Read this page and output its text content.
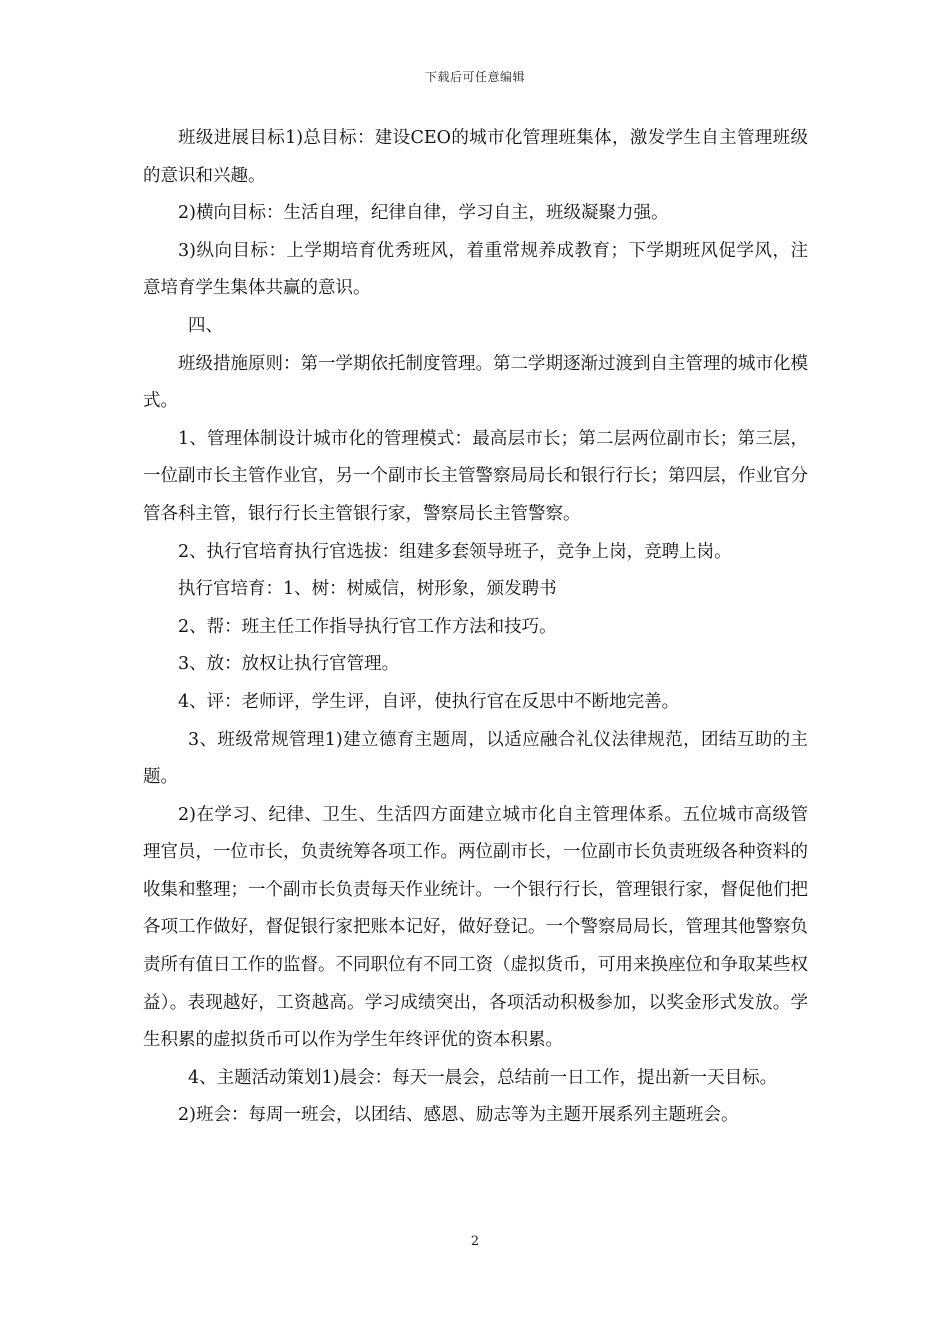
下载后可任意编辑

班级进展目标1)总目标：建设CEO的城市化管理班集体，激发学生自主管理班级的意识和兴趣。

2)横向目标：生活自理，纪律自律，学习自主，班级凝聚力强。

3)纵向目标：上学期培育优秀班风，着重常规养成教育；下学期班风促学风，注意培育学生集体共赢的意识。

四、

班级措施原则：第一学期依托制度管理。第二学期逐渐过渡到自主管理的城市化模式。

1、管理体制设计城市化的管理模式：最高层市长；第二层两位副市长；第三层，一位副市长主管作业官，另一个副市长主管警察局局长和银行行长；第四层，作业官分管各科主管，银行行长主管银行家，警察局长主管警察。

2、执行官培育执行官选拔：组建多套领导班子，竞争上岗，竞聘上岗。

执行官培育：1、树：树威信，树形象，颁发聘书

2、帮：班主任工作指导执行官工作方法和技巧。

3、放：放权让执行官管理。

4、评：老师评，学生评，自评，使执行官在反思中不断地完善。

3、班级常规管理1)建立德育主题周，以适应融合礼仪法律规范，团结互助的主题。

2)在学习、纪律、卫生、生活四方面建立城市化自主管理体系。五位城市高级管理官员，一位市长，负责统筹各项工作。两位副市长，一位副市长负责班级各种资料的收集和整理；一个副市长负责每天作业统计。一个银行行长，管理银行家，督促他们把各项工作做好，督促银行家把账本记好，做好登记。一个警察局局长，管理其他警察负责所有值日工作的监督。不同职位有不同工资（虚拟货币，可用来换座位和争取某些权益）。表现越好，工资越高。学习成绩突出，各项活动积极参加，以奖金形式发放。学生积累的虚拟货币可以作为学生年终评优的资本积累。

4、主题活动策划1)晨会：每天一晨会，总结前一日工作，提出新一天目标。

2)班会：每周一班会，以团结、感恩、励志等为主题开展系列主题班会。

2
